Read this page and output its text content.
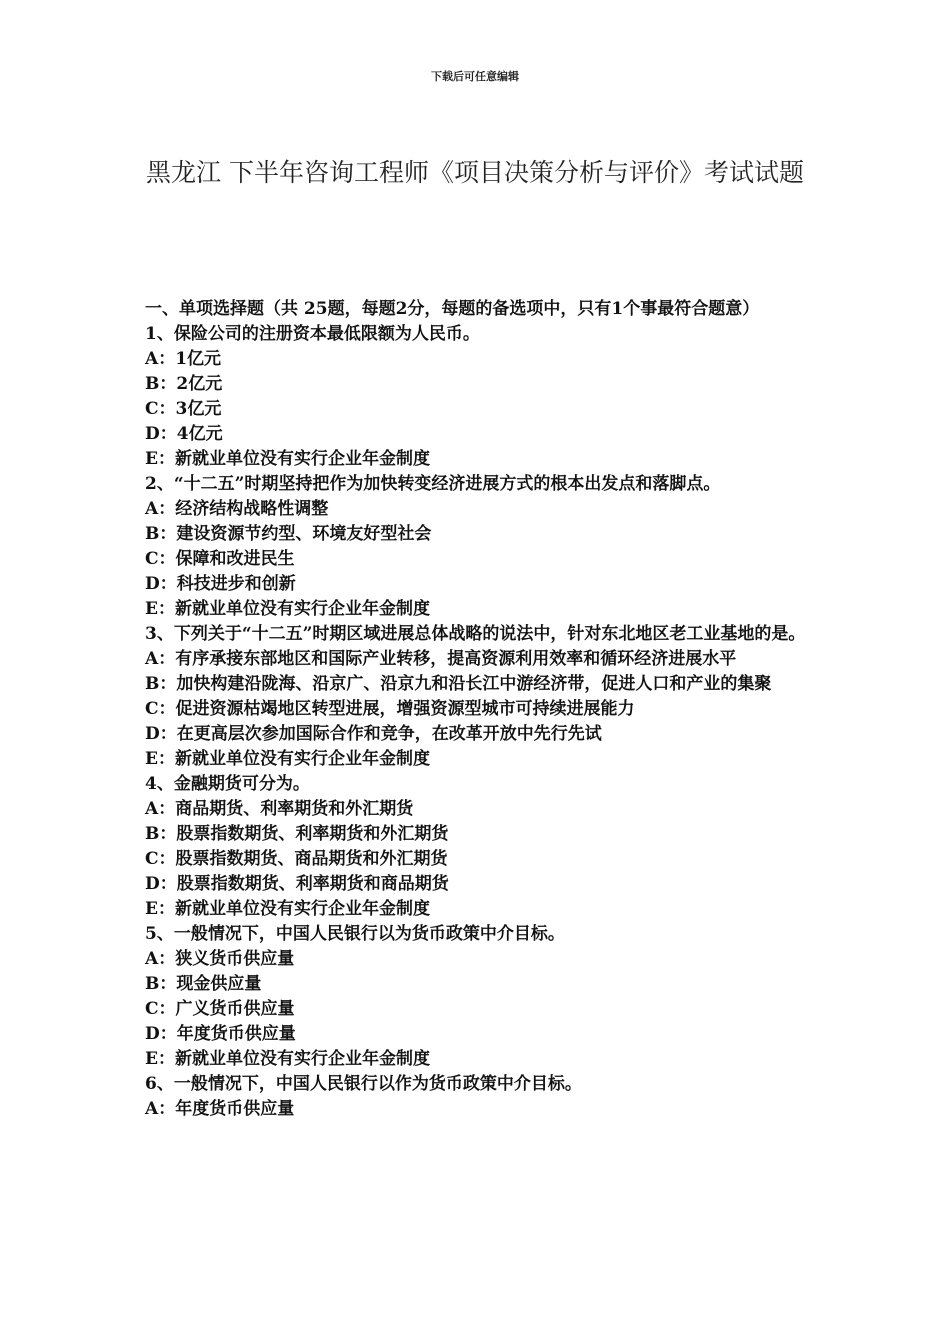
下载后可任意编辑
黑龙江 下半年咨询工程师《项目决策分析与评价》考试试题

一、单项选择题（共 25题，每题2分，每题的备选项中，只有1个事最符合题意）

1、保险公司的注册资本最低限额为人民币。

A：1亿元

B：2亿元

C：3亿元

D：4亿元

E：新就业单位没有实行企业年金制度

2、“十二五”时期坚持把作为加快转变经济进展方式的根本出发点和落脚点。

A：经济结构战略性调整

B：建设资源节约型、环境友好型社会

C：保障和改进民生

D：科技进步和创新

E：新就业单位没有实行企业年金制度

3、下列关于“十二五”时期区域进展总体战略的说法中，针对东北地区老工业基地的是。

A：有序承接东部地区和国际产业转移，提高资源利用效率和循环经济进展水平

B：加快构建沿陇海、沿京广、沿京九和沿长江中游经济带，促进人口和产业的集聚

C：促进资源枯竭地区转型进展，增强资源型城市可持续进展能力

D：在更高层次参加国际合作和竞争，在改革开放中先行先试

E：新就业单位没有实行企业年金制度

4、金融期货可分为。

A：商品期货、利率期货和外汇期货

B：股票指数期货、利率期货和外汇期货

C：股票指数期货、商品期货和外汇期货

D：股票指数期货、利率期货和商品期货

E：新就业单位没有实行企业年金制度

5、一般情况下，中国人民银行以为货币政策中介目标。

A：狭义货币供应量

B：现金供应量

C：广义货币供应量

D：年度货币供应量

E：新就业单位没有实行企业年金制度

6、一般情况下，中国人民银行以作为货币政策中介目标。

A：年度货币供应量
